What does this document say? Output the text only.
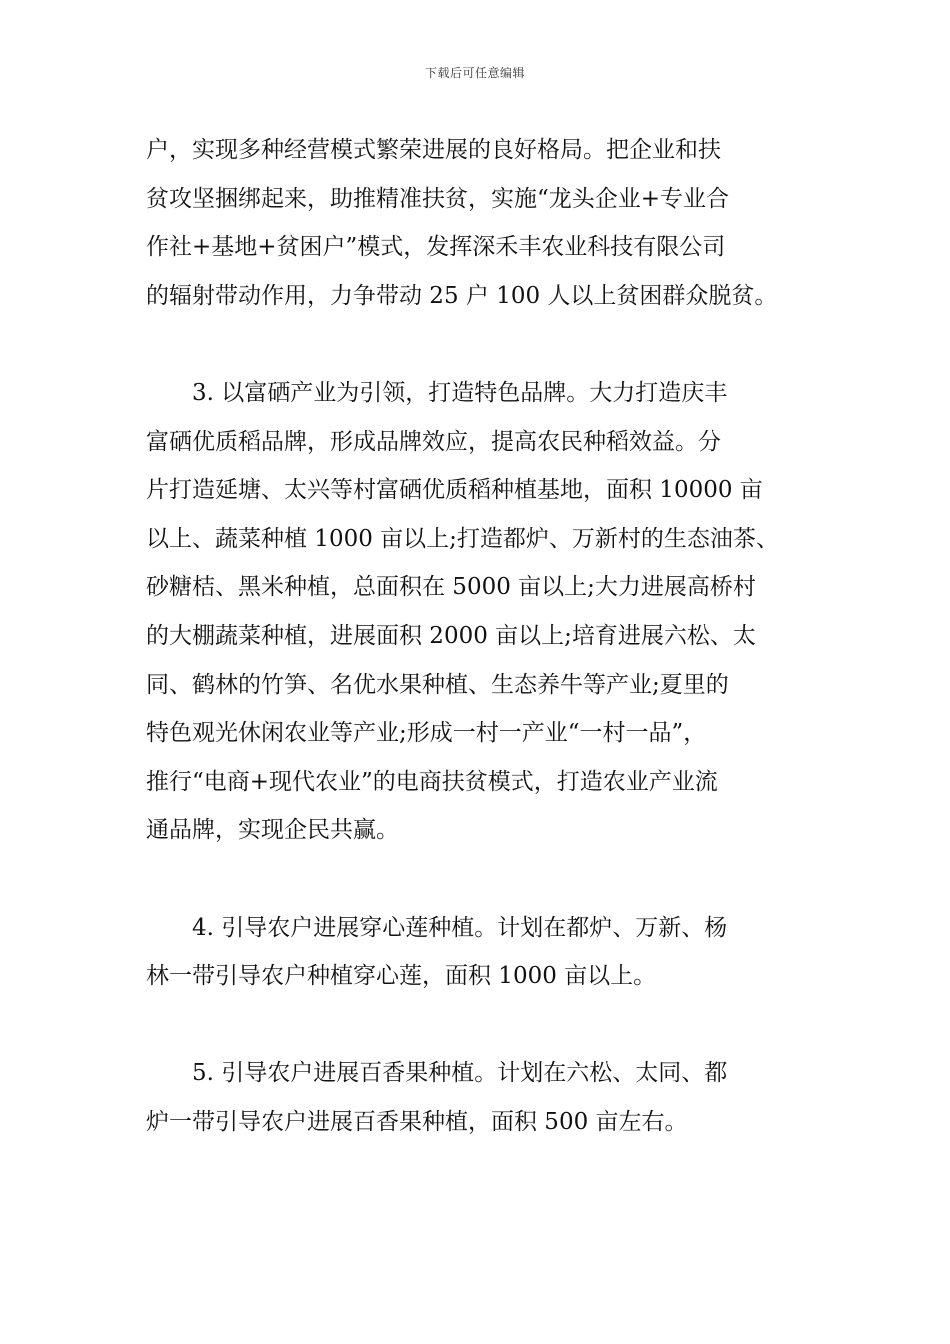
下载后可任意编辑
户，实现多种经营模式繁荣进展的良好格局。把企业和扶
贫攻坚捆绑起来，助推精准扶贫，实施“龙头企业+专业合
作社+基地+贫困户”模式，发挥深禾丰农业科技有限公司
的辐射带动作用，力争带动 25 户 100 人以上贫困群众脱贫。
　　3. 以富硒产业为引领，打造特色品牌。大力打造庆丰
富硒优质稻品牌，形成品牌效应，提高农民种稻效益。分
片打造延塘、太兴等村富硒优质稻种植基地，面积 10000 亩
以上、蔬菜种植 1000 亩以上;打造都炉、万新村的生态油茶、
砂糖桔、黑米种植，总面积在 5000 亩以上;大力进展高桥村
的大棚蔬菜种植，进展面积 2000 亩以上;培育进展六松、太
同、鹤林的竹笋、名优水果种植、生态养牛等产业;夏里的
特色观光休闲农业等产业;形成一村一产业“一村一品”，
推行“电商+现代农业”的电商扶贫模式，打造农业产业流
通品牌，实现企民共赢。
　　4. 引导农户进展穿心莲种植。计划在都炉、万新、杨
林一带引导农户种植穿心莲，面积 1000 亩以上。
　　5. 引导农户进展百香果种植。计划在六松、太同、都
炉一带引导农户进展百香果种植，面积 500 亩左右。
